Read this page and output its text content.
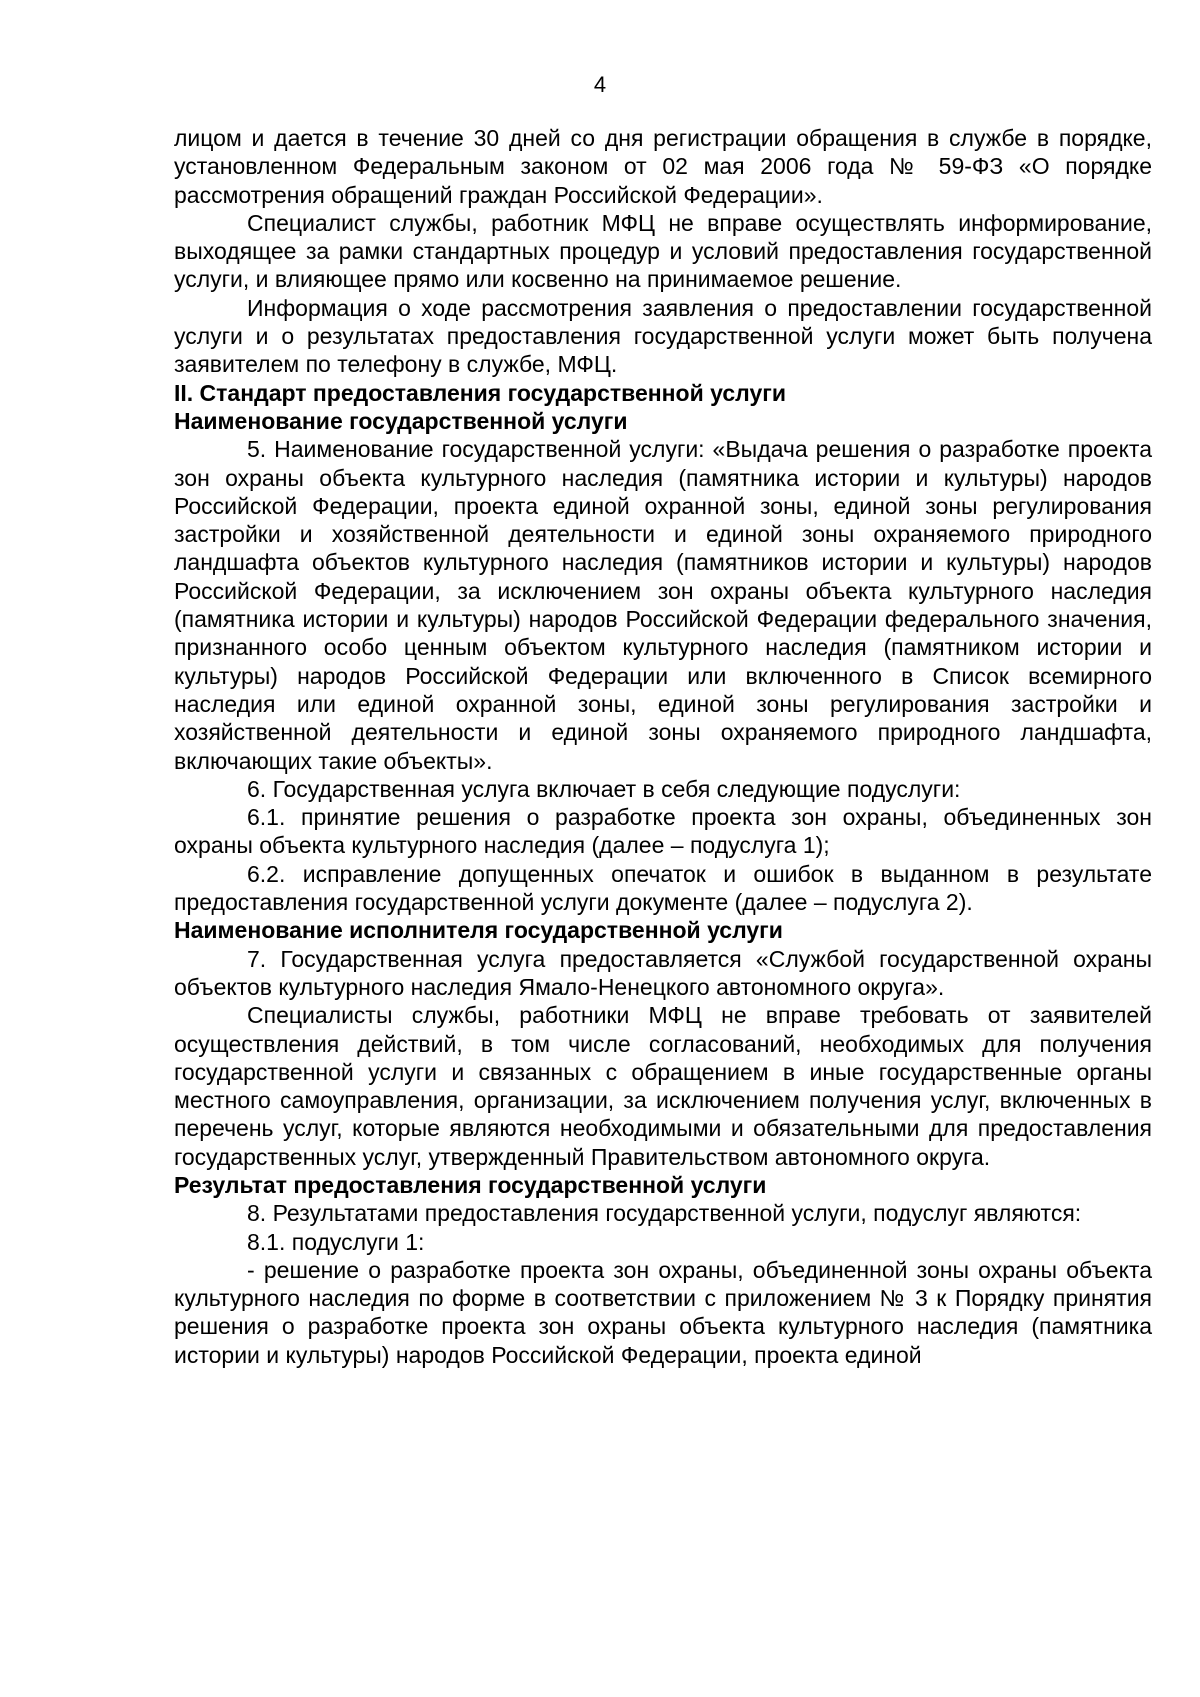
4

лицом и дается в течение 30 дней со дня регистрации обращения в службе в порядке, установленном Федеральным законом от 02 мая 2006 года № 59-ФЗ «О порядке рассмотрения обращений граждан Российской Федерации».

Специалист службы, работник МФЦ не вправе осуществлять информирование, выходящее за рамки стандартных процедур и условий предоставления государственной услуги, и влияющее прямо или косвенно на принимаемое решение.

Информация о ходе рассмотрения заявления о предоставлении государственной услуги и о результатах предоставления государственной услуги может быть получена заявителем по телефону в службе, МФЦ.

II. Стандарт предоставления государственной услуги

Наименование государственной услуги

5. Наименование государственной услуги: «Выдача решения о разработке проекта зон охраны объекта культурного наследия (памятника истории и культуры) народов Российской Федерации, проекта единой охранной зоны, единой зоны регулирования застройки и хозяйственной деятельности и единой зоны охраняемого природного ландшафта объектов культурного наследия (памятников истории и культуры) народов Российской Федерации, за исключением зон охраны объекта культурного наследия (памятника истории и культуры) народов Российской Федерации федерального значения, признанного особо ценным объектом культурного наследия (памятником истории и культуры) народов Российской Федерации или включенного в Список всемирного наследия или единой охранной зоны, единой зоны регулирования застройки и хозяйственной деятельности и единой зоны охраняемого природного ландшафта, включающих такие объекты».

6. Государственная услуга включает в себя следующие подуслуги:

6.1. принятие решения о разработке проекта зон охраны, объединенных зон охраны объекта культурного наследия (далее – подуслуга 1);

6.2. исправление допущенных опечаток и ошибок в выданном в результате предоставления государственной услуги документе (далее – подуслуга 2).

Наименование исполнителя государственной услуги

7. Государственная услуга предоставляется «Службой государственной охраны объектов культурного наследия Ямало-Ненецкого автономного округа».

Специалисты службы, работники МФЦ не вправе требовать от заявителей осуществления действий, в том числе согласований, необходимых для получения государственной услуги и связанных с обращением в иные государственные органы местного самоуправления, организации, за исключением получения услуг, включенных в перечень услуг, которые являются необходимыми и обязательными для предоставления государственных услуг, утвержденный Правительством автономного округа.

Результат предоставления государственной услуги

8. Результатами предоставления государственной услуги, подуслуг являются:

8.1. подуслуги 1:

- решение о разработке проекта зон охраны, объединенной зоны охраны объекта культурного наследия по форме в соответствии с приложением № 3 к Порядку принятия решения о разработке проекта зон охраны объекта культурного наследия (памятника истории и культуры) народов Российской Федерации, проекта единой
